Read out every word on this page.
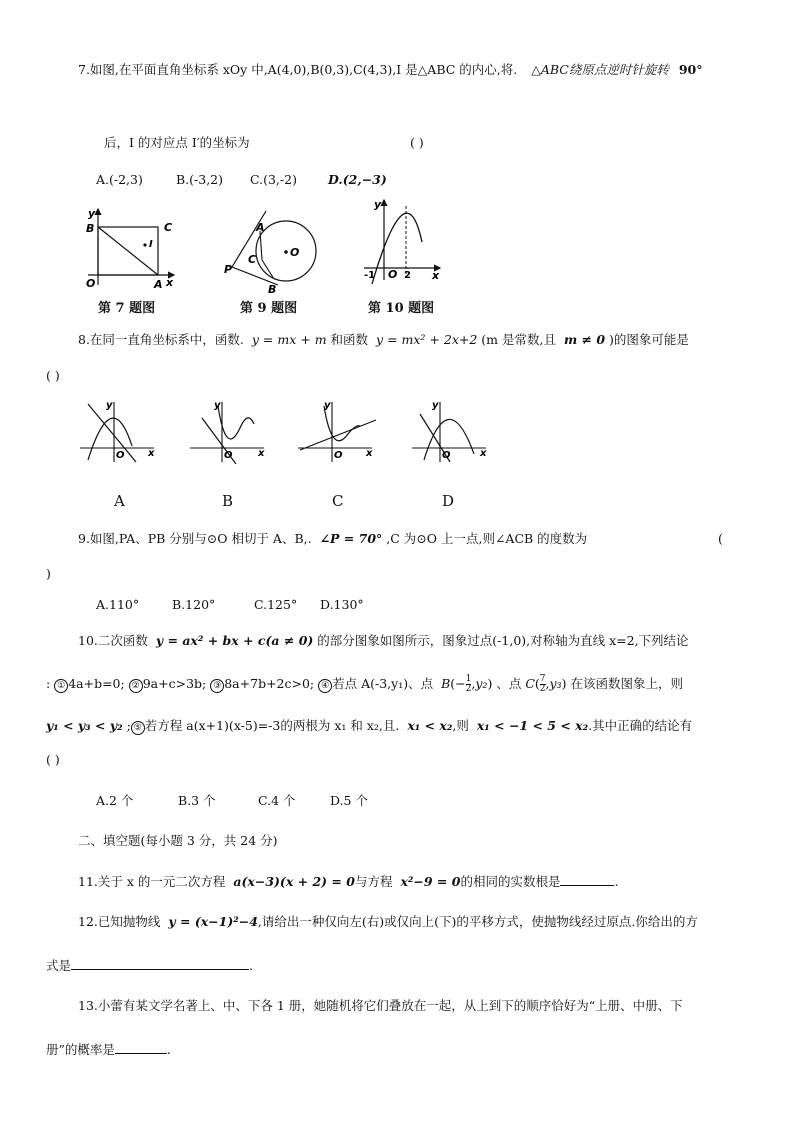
7.如图,在平面直角坐标系 xOy 中,A(4,0),B(0,3),C(4,3),I 是△ABC 的内心,将. △ABC绕原点逆时针旋转 90°
后，I 的对应点 I′的坐标为	( )
A.(-2,3)	B.(-3,2) C.(3,-2) D.(2,−3)
y
B	C
I
O	A x
第 7 题图
A
C
P
B
O
第 9 题图
y
-1 O 2 x
第 10 题图
8.在同一直角坐标系中，函数. y = mx + m 和函数 y = mx² + 2x+2 (m 是常数,且 m ≠ 0 )的图象可能是
( )
y
O x
y
O	x
y
O x
y
O	x
A	B	C	D
9.如图,PA、PB 分别与⊙O 相切于 A、B,. ∠P = 70° ,C 为⊙O 上一点,则∠ACB 的度数为	(
)
A.110°	B.120°	C.125° D.130°
10.二次函数 y = ax² + bx + c(a ≠ 0) 的部分图象如图所示，图象过点(-1,0),对称轴为直线 x=2,下列结论
: ① 4a+b=0; ② 9a+c>3b; ③ 8a+7b+2c>0; ④ 若点 A(-3,y₁)、点 $B(- \frac{1}{2} ,y_2)$ 、点 $C( \frac{7}{2} ,y_3)$ 在该函数图象上，则
y₁ < y₃ < y₂ ; ⑤ 若方程 a(x+1)(x-5)=-3的两根为 x₁ 和 x₂,且. x₁ < x₂,则 x₁ < −1 < 5 < x₂.其中正确的结论有
( )
A.2 个	B.3 个	C.4 个	D.5 个
二、填空题(每小题 3 分，共 24 分)
11.关于 x 的一元二次方程 a(x−3)(x + 2) = 0与方程 x²−9 = 0的相同的实数根是	.
12.已知抛物线 y = (x−1)²−4,请给出一种仅向左(右)或仅向上(下)的平移方式，使抛物线经过原点.你给出的方
式是	.
13.小蕾有某文学名著上、中、下各 1 册，她随机将它们叠放在一起，从上到下的顺序恰好为“上册、中册、下
册”的概率是	.
